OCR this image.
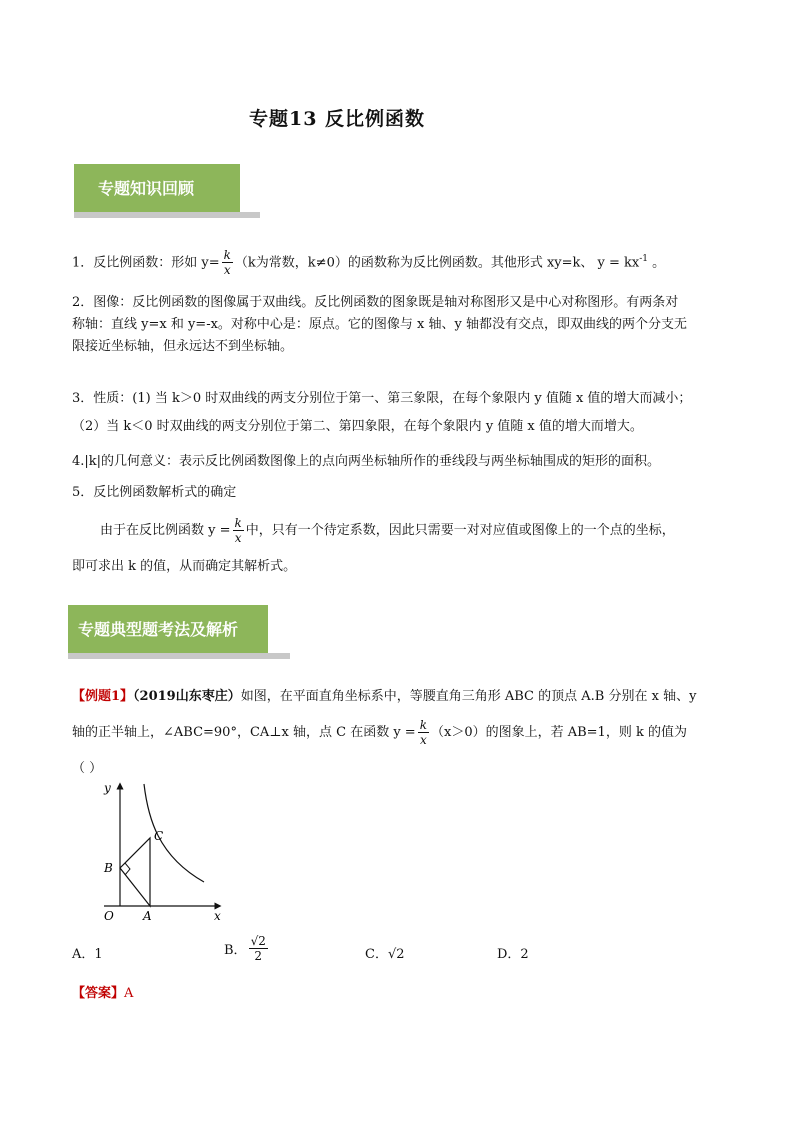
专题13 反比例函数
专题知识回顾
1．反比例函数：形如 $y= \frac{k}{x} (k$为常数，k≠0）的函数称为反比例函数。其他形式 xy=k、 $y = kx^{-1}$ 。
2．图像：反比例函数的图像属于双曲线。反比例函数的图象既是轴对称图形又是中心对称图形。有两条对
称轴：直线 y=x 和 y=-x。对称中心是：原点。它的图像与 x 轴、y 轴都没有交点，即双曲线的两个分支无
限接近坐标轴，但永远达不到坐标轴。
3．性质：(1) 当 k＞0 时双曲线的两支分别位于第一、第三象限，在每个象限内 y 值随 x 值的增大而减小；
（2）当 k＜0 时双曲线的两支分别位于第二、第四象限，在每个象限内 y 值随 x 值的增大而增大。
4.|k|的几何意义：表示反比例函数图像上的点向两坐标轴所作的垂线段与两坐标轴围成的矩形的面积。
5．反比例函数解析式的确定
由于在反比例函数 $y = \frac{k}{x}$ 中，只有一个待定系数，因此只需要一对对应值或图像上的一个点的坐标，
即可求出 k 的值，从而确定其解析式。
专题典型题考法及解析
【例题1】（2019山东枣庄）如图，在平面直角坐标系中，等腰直角三角形 ABC 的顶点 A.B 分别在 x 轴、y
轴的正半轴上，∠ABC=90°，CA⊥x 轴，点 C 在函数 $y = \frac{k}{x} (x>0)$的图象上，若 AB=1，则 k 的值为
（ ）
y
x
O A
B
C
A．1	B． $\frac{√2}{2}$	C．√2	D．2
【答案】A
